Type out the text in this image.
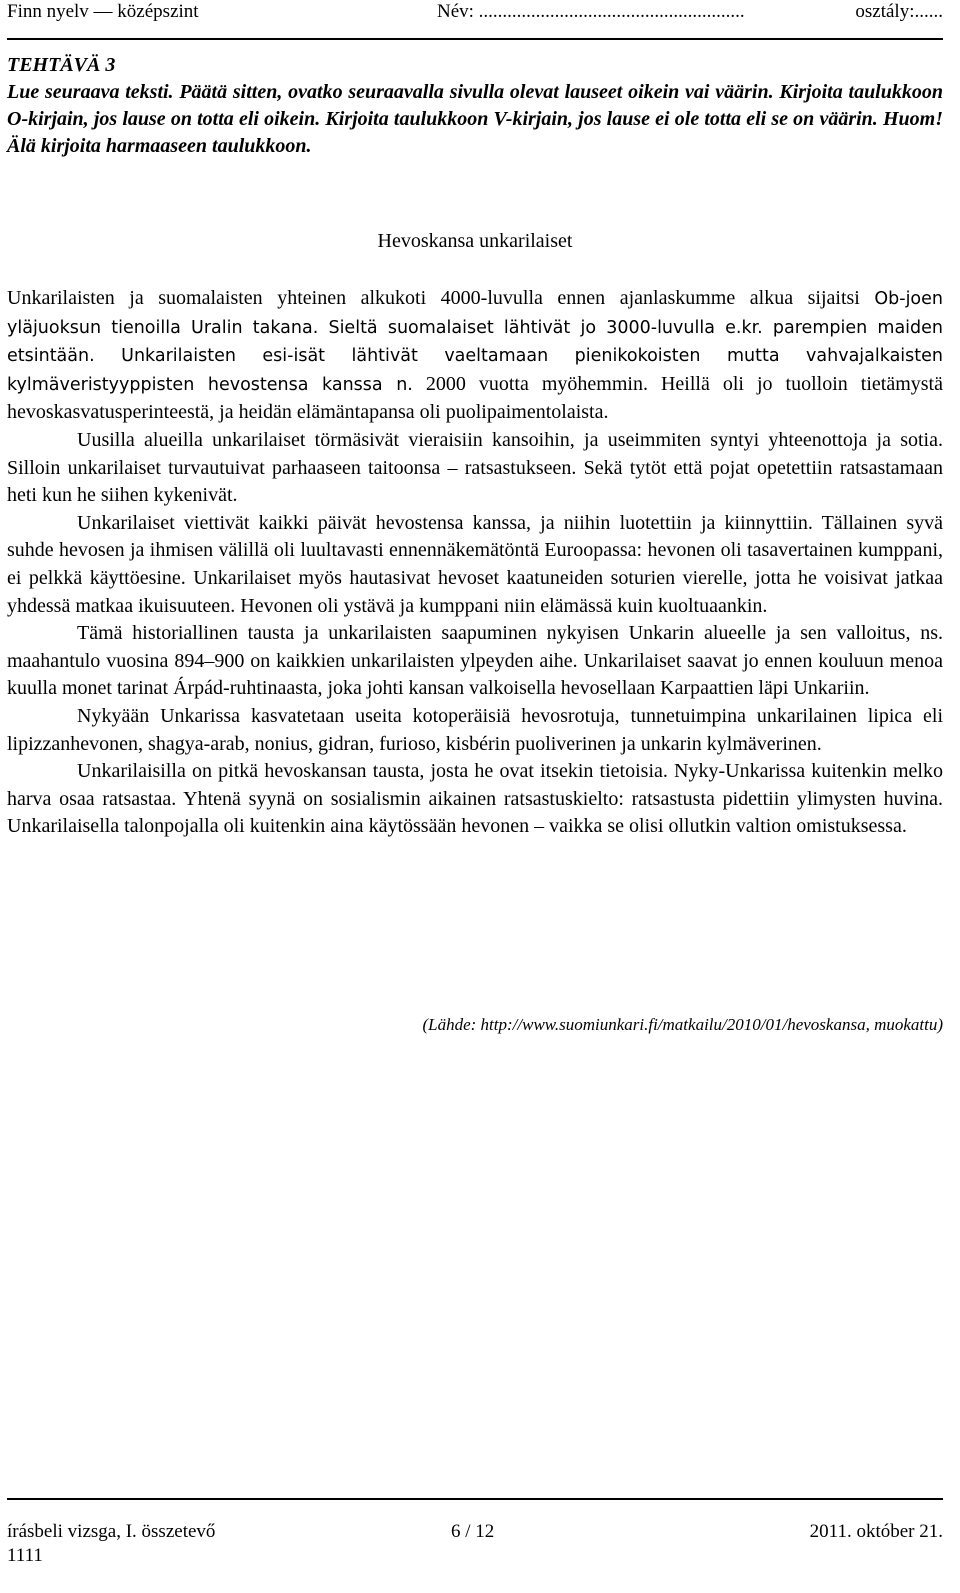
Finn nyelv — középszint	Név: ........................................................	osztály:......
TEHTÄVÄ 3
Lue seuraava teksti. Päätä sitten, ovatko seuraavalla sivulla olevat lauseet oikein vai väärin. Kirjoita taulukkoon O-kirjain, jos lause on totta eli oikein. Kirjoita taulukkoon V-kirjain, jos lause ei ole totta eli se on väärin. Huom! Älä kirjoita harmaaseen taulukkoon.
Hevoskansa unkarilaiset

Unkarilaisten ja suomalaisten yhteinen alkukoti 4000-luvulla ennen ajanlaskumme alkua sijaitsi Ob-joen yläjuoksun tienoilla Uralin takana. Sieltä suomalaiset lähtivät jo 3000-luvulla e.kr. parempien maiden etsintään. Unkarilaisten esi-isät lähtivät vaeltamaan pienikokoisten mutta vahvajalkaisten kylmäveristyyppisten hevostensa kanssa n. 2000 vuotta myöhemmin. Heillä oli jo tuolloin tietämystä hevoskasvatusperinteestä, ja heidän elämäntapansa oli puolipaimentolaista.

Uusilla alueilla unkarilaiset törmäsivät vieraisiin kansoihin, ja useimmiten syntyi yhteenottoja ja sotia. Silloin unkarilaiset turvautuivat parhaaseen taitoonsa – ratsastukseen. Sekä tytöt että pojat opetettiin ratsastamaan heti kun he siihen kykenivät.

Unkarilaiset viettivät kaikki päivät hevostensa kanssa, ja niihin luotettiin ja kiinnyttiin. Tällainen syvä suhde hevosen ja ihmisen välillä oli luultavasti ennennäkemätöntä Euroopassa: hevonen oli tasavertainen kumppani, ei pelkkä käyttöesine. Unkarilaiset myös hautasivat hevoset kaatuneiden soturien vierelle, jotta he voisivat jatkaa yhdessä matkaa ikuisuuteen. Hevonen oli ystävä ja kumppani niin elämässä kuin kuoltuaankin.

Tämä historiallinen tausta ja unkarilaisten saapuminen nykyisen Unkarin alueelle ja sen valloitus, ns. maahantulo vuosina 894–900 on kaikkien unkarilaisten ylpeyden aihe. Unkarilaiset saavat jo ennen kouluun menoa kuulla monet tarinat Árpád-ruhtinaasta, joka johti kansan valkoisella hevosellaan Karpaattien läpi Unkariin.

Nykyään Unkarissa kasvatetaan useita kotoperäisiä hevosrotuja, tunnetuimpina unkarilainen lipica eli lipizzanhevonen, shagya-arab, nonius, gidran, furioso, kisbérin puoliverinen ja unkarin kylmäverinen.

Unkarilaisilla on pitkä hevoskansan tausta, josta he ovat itsekin tietoisia. Nyky-Unkarissa kuitenkin melko harva osaa ratsastaa. Yhtenä syynä on sosialismin aikainen ratsastuskielto: ratsastusta pidettiin ylimysten huvina. Unkarilaisella talonpojalla oli kuitenkin aina käytössään hevonen – vaikka se olisi ollutkin valtion omistuksessa.

(Lähde: http://www.suomiunkari.fi/matkailu/2010/01/hevoskansa, muokattu)
írásbeli vizsga, I. összetevő	6 / 12	2011. október 21.
1111
